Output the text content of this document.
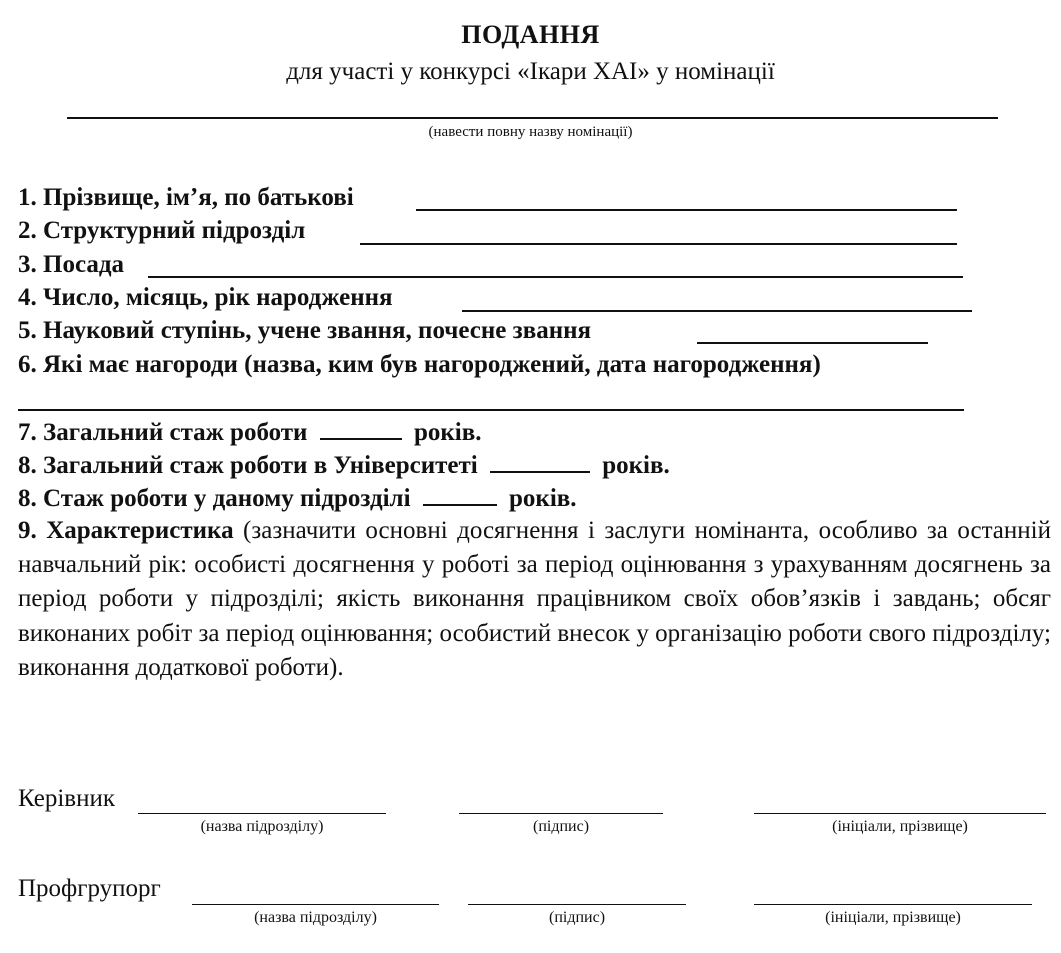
ПОДАННЯ
для участі у конкурсі «Ікари ХАІ» у номінації
(навести повну назву номінації)
1. Прізвище, імʼя, по батькові
2. Структурний підрозділ
3. Посада
4. Число, місяць, рік народження
5. Науковий ступінь, учене звання, почесне звання
6. Які має нагороди (назва, ким був нагороджений, дата нагородження)
7. Загальний стаж роботи	років.
8. Загальний стаж роботи в Університеті	років.
8. Стаж роботи у даному підрозділі	років.
9. Характеристика (зазначити основні досягнення і заслуги номінанта, особливо за останній навчальний рік: особисті досягнення у роботі за період оцінювання з урахуванням досягнень за період роботи у підрозділі; якість виконання працівником своїх обов’язків і завдань; обсяг виконаних робіт за період оцінювання; особистий внесок у організацію роботи свого підрозділу; виконання додаткової роботи).
Керівник
(назва підрозділу)	(підпис)	(ініціали, прізвище)
Профгрупорг
(назва підрозділу)	(підпис)	(ініціали, прізвище)
